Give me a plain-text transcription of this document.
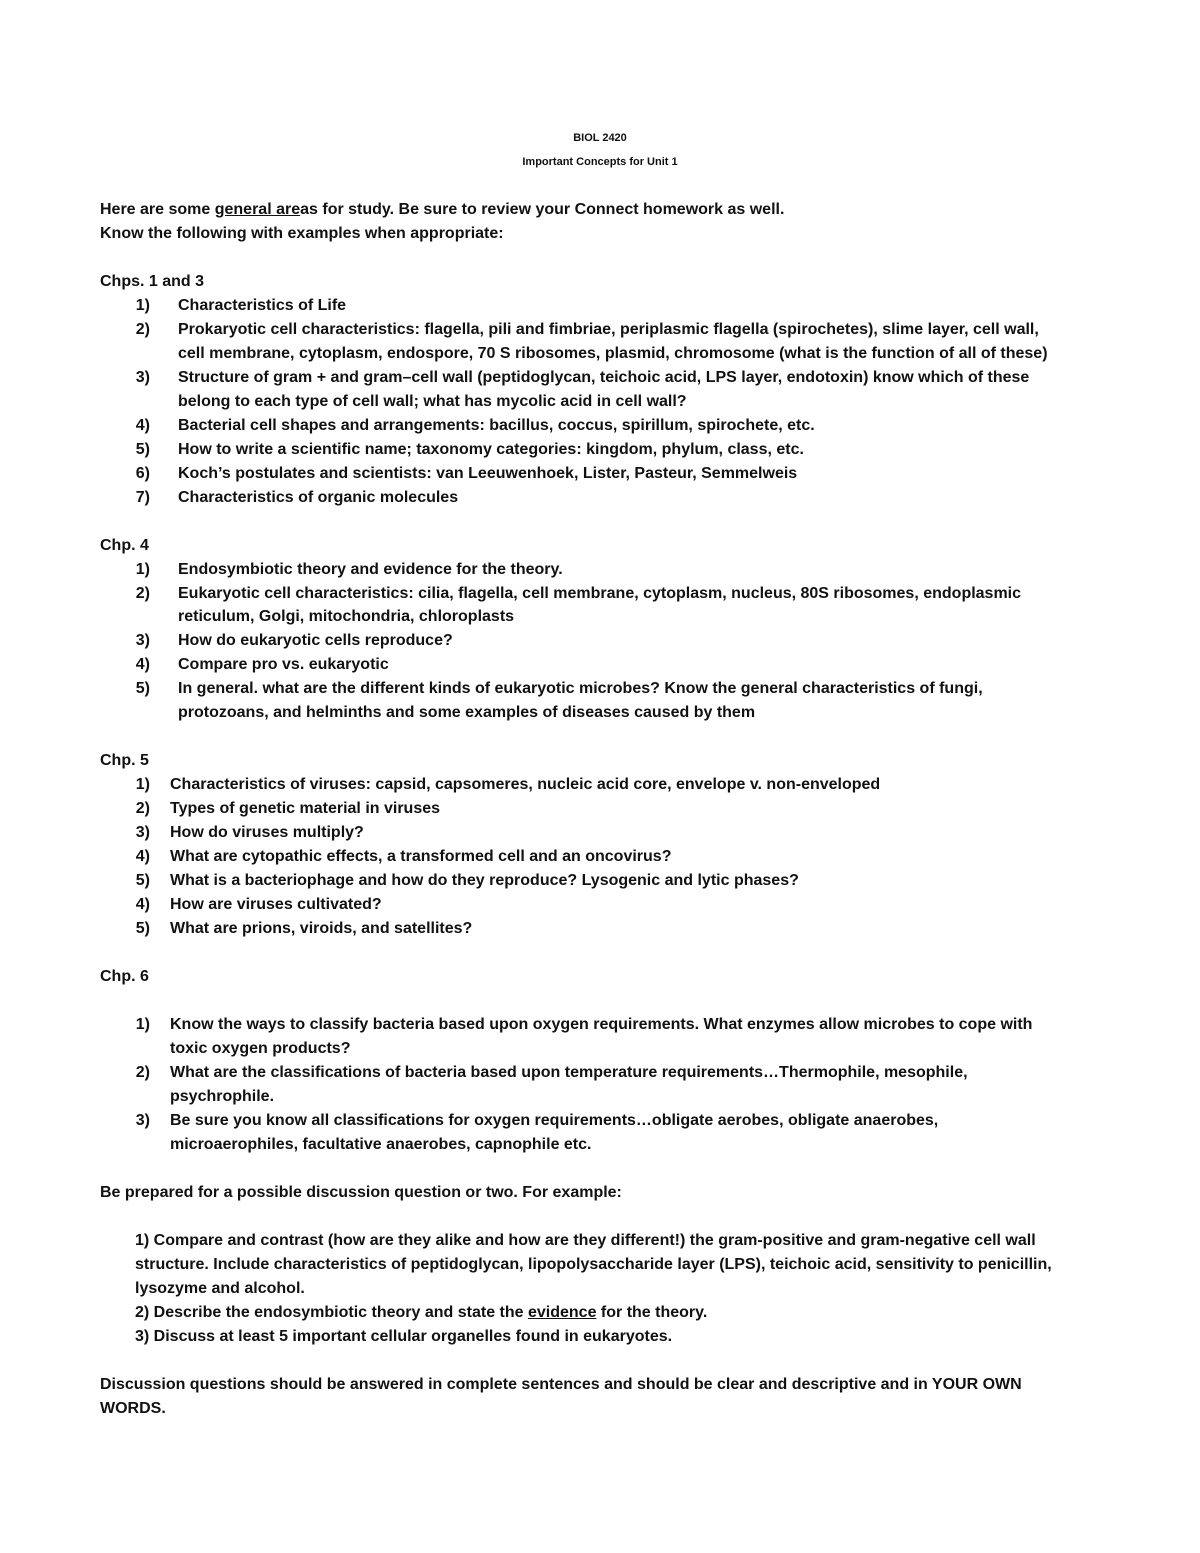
BIOL 2420
Important Concepts for Unit 1
Here are some general areas for study. Be sure to review your Connect homework as well.
Know the following with examples when appropriate:
Chps. 1 and 3
1) Characteristics of Life
2) Prokaryotic cell characteristics: flagella, pili and fimbriae, periplasmic flagella (spirochetes), slime layer, cell wall,
cell membrane, cytoplasm, endospore, 70 S ribosomes, plasmid, chromosome (what is the function of all of these)
3) Structure of gram + and gram–cell wall (peptidoglycan, teichoic acid, LPS layer, endotoxin) know which of these
belong to each type of cell wall; what has mycolic acid in cell wall?
4) Bacterial cell shapes and arrangements: bacillus, coccus, spirillum, spirochete, etc.
5) How to write a scientific name; taxonomy categories: kingdom, phylum, class, etc.
6) Koch’s postulates and scientists: van Leeuwenhoek, Lister, Pasteur, Semmelweis
7) Characteristics of organic molecules
Chp. 4
1) Endosymbiotic theory and evidence for the theory.
2) Eukaryotic cell characteristics: cilia, flagella, cell membrane, cytoplasm, nucleus, 80S ribosomes, endoplasmic
reticulum, Golgi, mitochondria, chloroplasts
3) How do eukaryotic cells reproduce?
4) Compare pro vs. eukaryotic
5) In general. what are the different kinds of eukaryotic microbes? Know the general characteristics of fungi,
protozoans, and helminths and some examples of diseases caused by them
Chp. 5
1) Characteristics of viruses: capsid, capsomeres, nucleic acid core, envelope v. non-enveloped
2) Types of genetic material in viruses
3) How do viruses multiply?
4) What are cytopathic effects, a transformed cell and an oncovirus?
5) What is a bacteriophage and how do they reproduce? Lysogenic and lytic phases?
4) How are viruses cultivated?
5) What are prions, viroids, and satellites?
Chp. 6
1) Know the ways to classify bacteria based upon oxygen requirements. What enzymes allow microbes to cope with
toxic oxygen products?
2) What are the classifications of bacteria based upon temperature requirements…Thermophile, mesophile,
psychrophile.
3) Be sure you know all classifications for oxygen requirements…obligate aerobes, obligate anaerobes,
microaerophiles, facultative anaerobes, capnophile etc.
Be prepared for a possible discussion question or two. For example:
1) Compare and contrast (how are they alike and how are they different!) the gram-positive and gram-negative cell wall
structure. Include characteristics of peptidoglycan, lipopolysaccharide layer (LPS), teichoic acid, sensitivity to penicillin,
lysozyme and alcohol.
2) Describe the endosymbiotic theory and state the evidence for the theory.
3) Discuss at least 5 important cellular organelles found in eukaryotes.
Discussion questions should be answered in complete sentences and should be clear and descriptive and in YOUR OWN
WORDS.
